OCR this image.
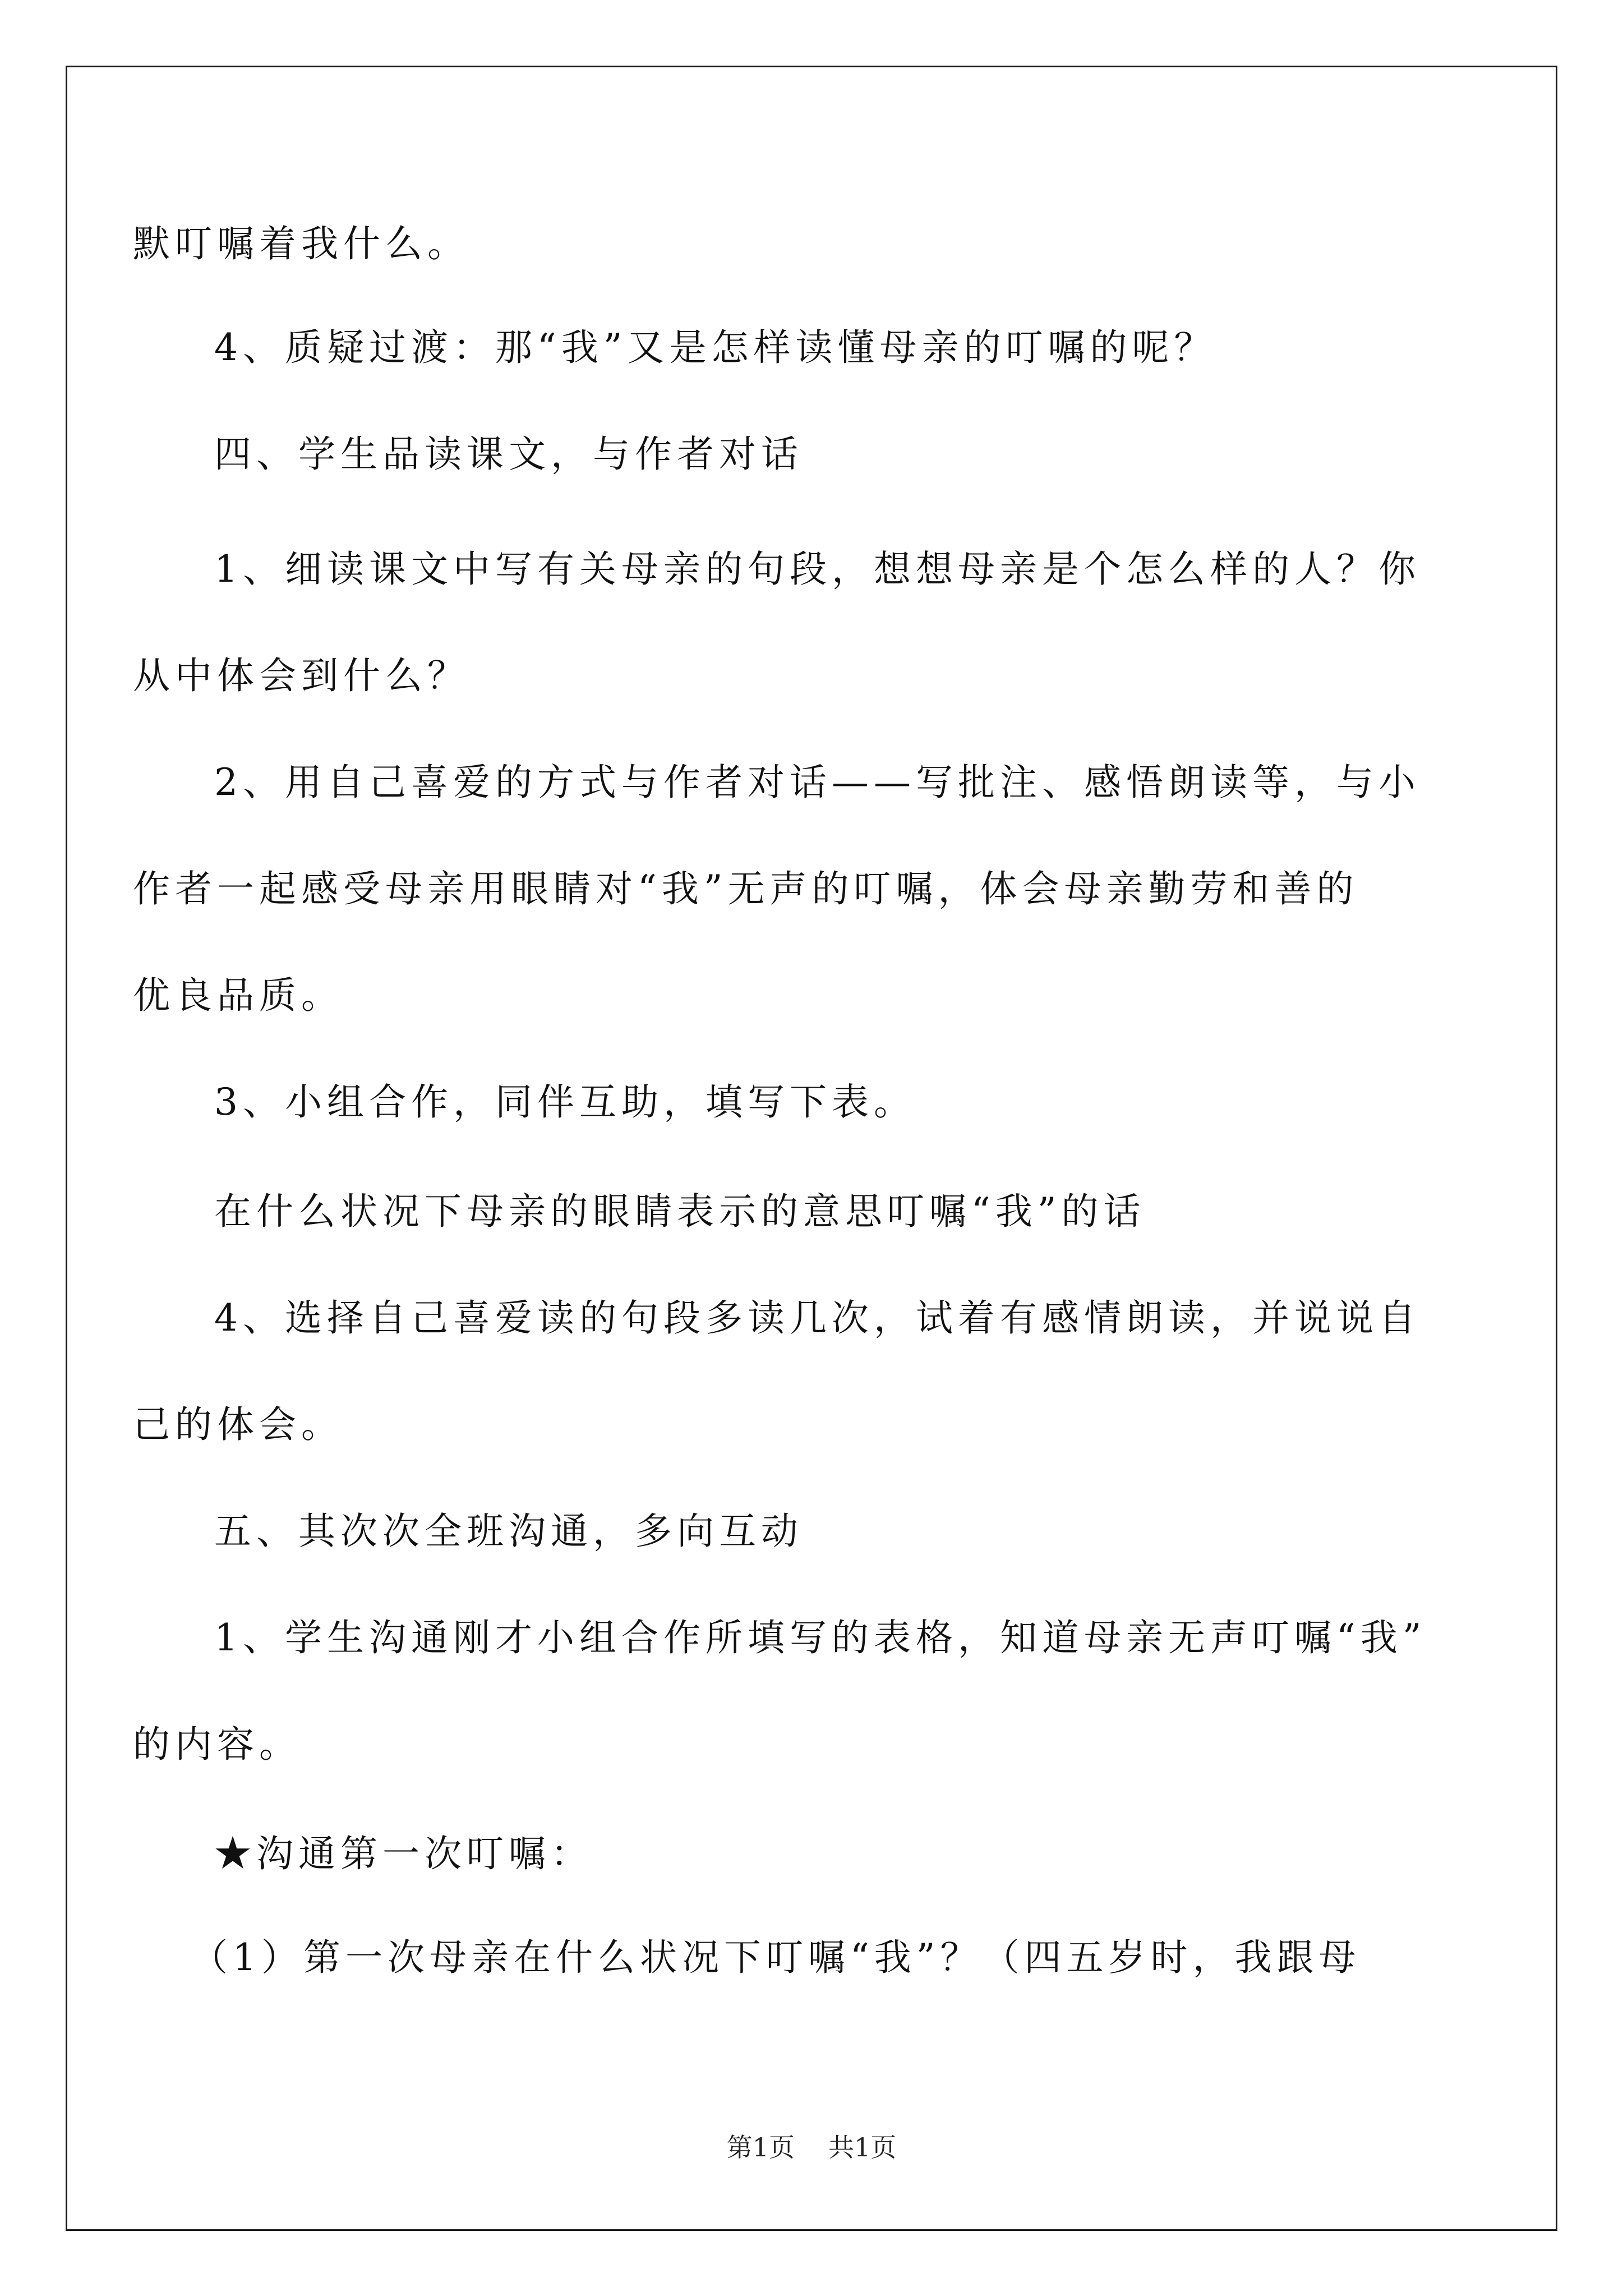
默叮嘱着我什么。
4、质疑过渡：那“我”又是怎样读懂母亲的叮嘱的呢？
四、学生品读课文，与作者对话
1、细读课文中写有关母亲的句段，想想母亲是个怎么样的人？你
从中体会到什么？
2、用自己喜爱的方式与作者对话——写批注、感悟朗读等，与小
作者一起感受母亲用眼睛对“我”无声的叮嘱，体会母亲勤劳和善的
优良品质。
3、小组合作，同伴互助，填写下表。
在什么状况下母亲的眼睛表示的意思叮嘱“我”的话
4、选择自己喜爱读的句段多读几次，试着有感情朗读，并说说自
己的体会。
五、其次次全班沟通，多向互动
1、学生沟通刚才小组合作所填写的表格，知道母亲无声叮嘱“我”
的内容。
★沟通第一次叮嘱：
（1）第一次母亲在什么状况下叮嘱“我”？（四五岁时，我跟母
第1页 共1页
